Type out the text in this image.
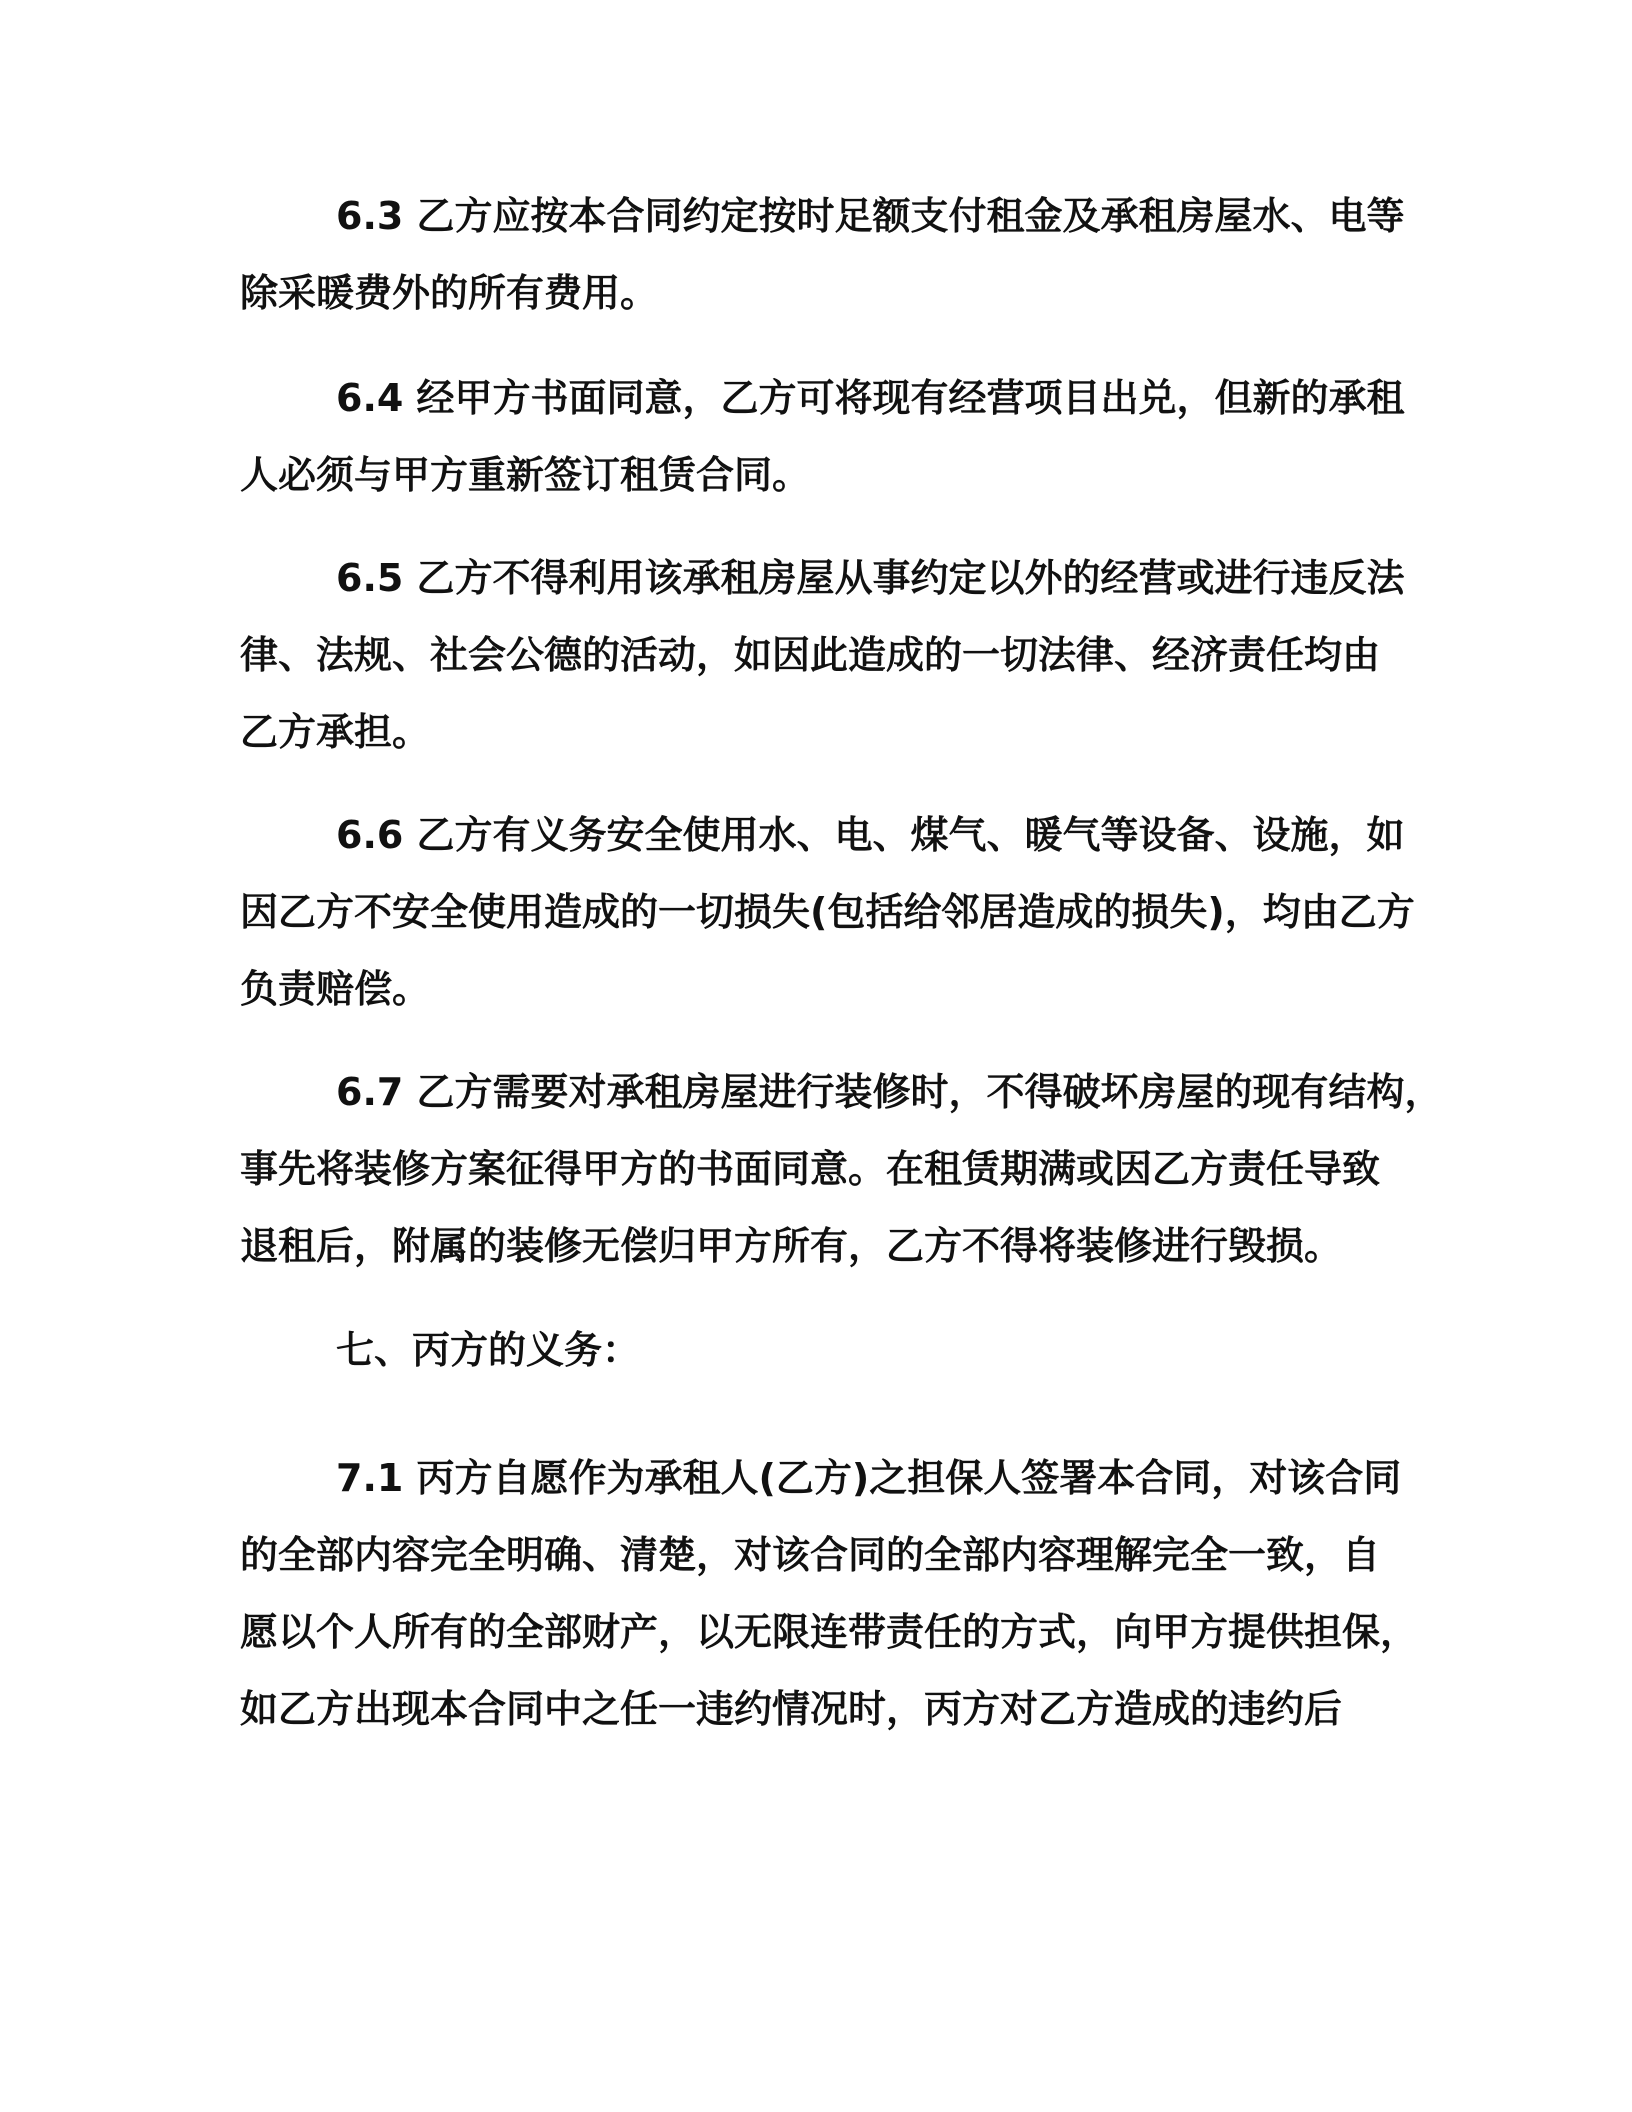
6.3 乙方应按本合同约定按时足额支付租金及承租房屋水、电等
除采暖费外的所有费用。
6.4 经甲方书面同意，乙方可将现有经营项目出兑，但新的承租
人必须与甲方重新签订租赁合同。
6.5 乙方不得利用该承租房屋从事约定以外的经营或进行违反法
律、法规、社会公德的活动，如因此造成的一切法律、经济责任均由
乙方承担。
6.6 乙方有义务安全使用水、电、煤气、暖气等设备、设施，如
因乙方不安全使用造成的一切损失(包括给邻居造成的损失)，均由乙方
负责赔偿。
6.7 乙方需要对承租房屋进行装修时，不得破坏房屋的现有结构，
事先将装修方案征得甲方的书面同意。在租赁期满或因乙方责任导致
退租后，附属的装修无偿归甲方所有，乙方不得将装修进行毁损。
七、丙方的义务：
7.1 丙方自愿作为承租人(乙方)之担保人签署本合同，对该合同
的全部内容完全明确、清楚，对该合同的全部内容理解完全一致，自
愿以个人所有的全部财产，以无限连带责任的方式，向甲方提供担保，
如乙方出现本合同中之任一违约情况时，丙方对乙方造成的违约后
